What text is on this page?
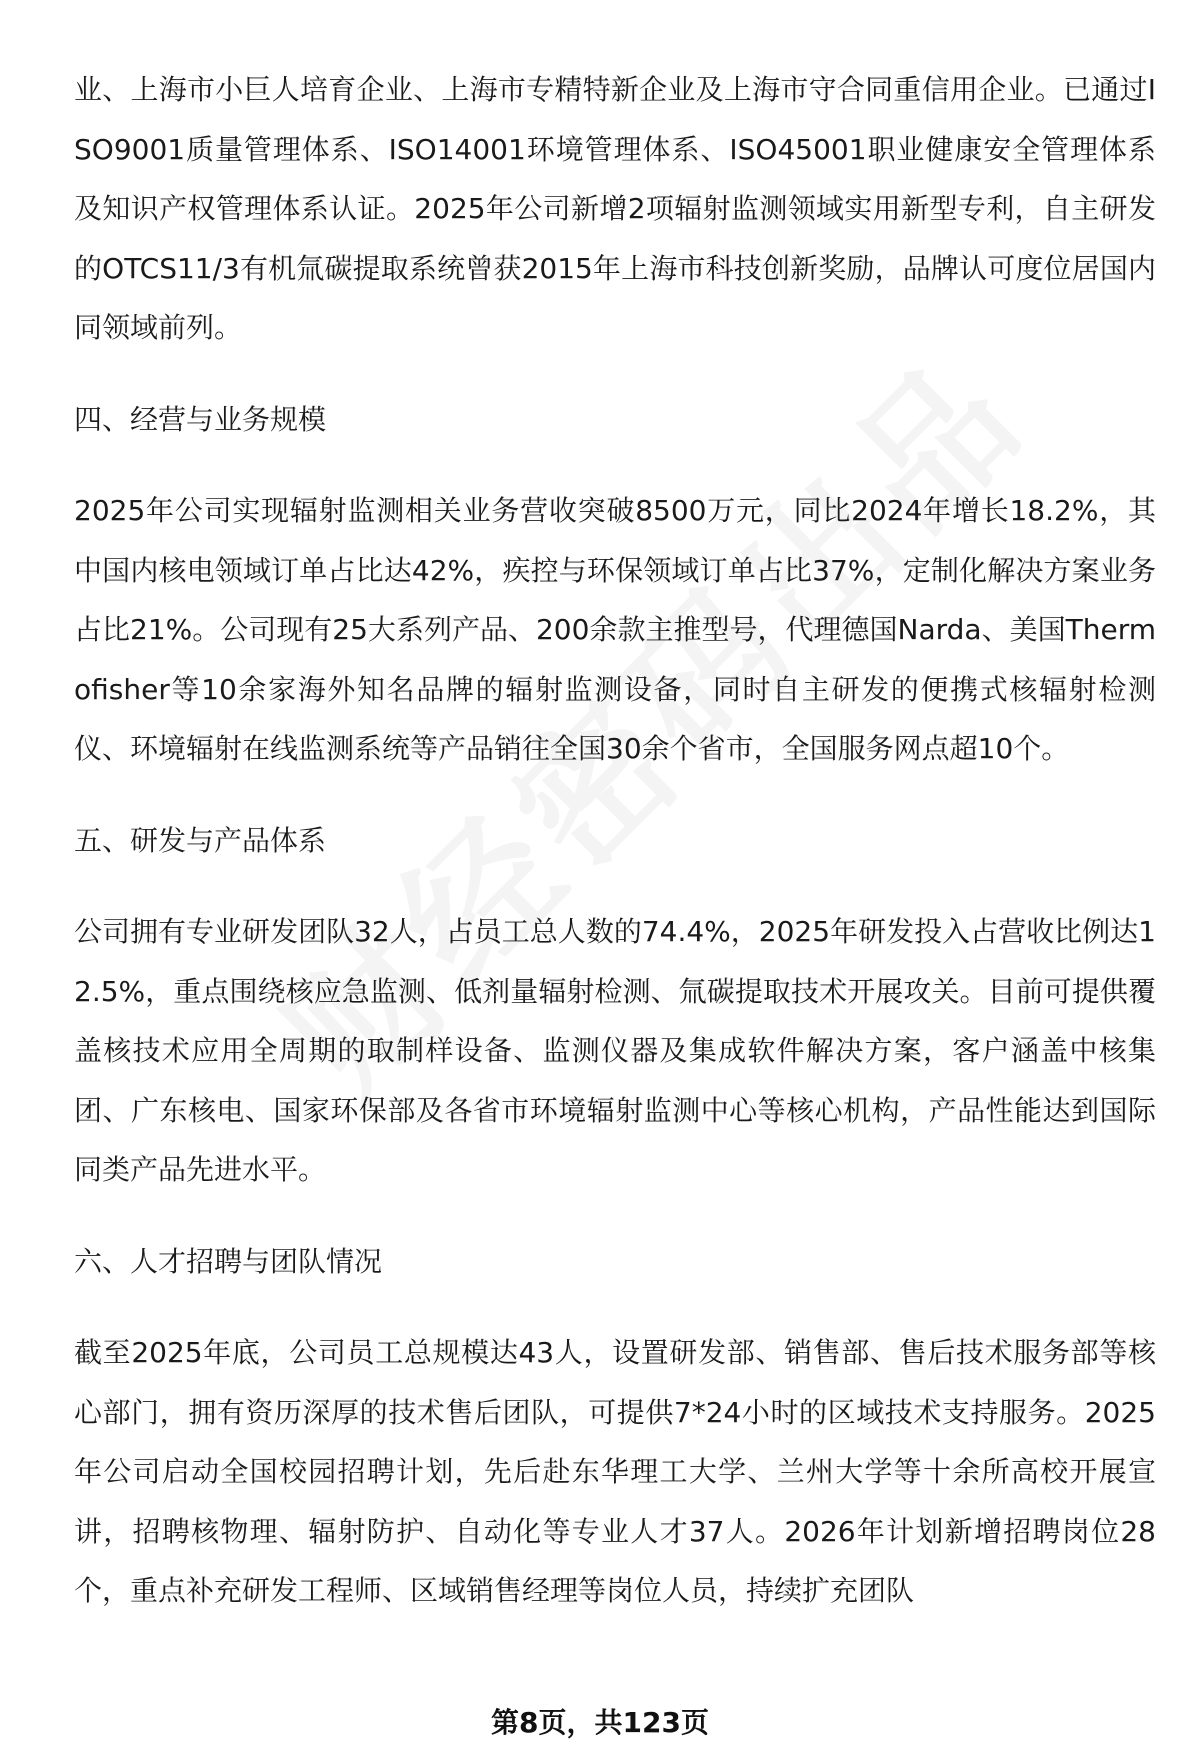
业、上海市小巨人培育企业、上海市专精特新企业及上海市守合同重信用企业。已通过ISO9001质量管理体系、ISO14001环境管理体系、ISO45001职业健康安全管理体系及知识产权管理体系认证。2025年公司新增2项辐射监测领域实用新型专利，自主研发的OTCS11/3有机氚碳提取系统曾获2015年上海市科技创新奖励，品牌认可度位居国内同领域前列。

四、经营与业务规模

2025年公司实现辐射监测相关业务营收突破8500万元，同比2024年增长18.2%，其中国内核电领域订单占比达42%，疾控与环保领域订单占比37%，定制化解决方案业务占比21%。公司现有25大系列产品、200余款主推型号，代理德国Narda、美国Thermofisher等10余家海外知名品牌的辐射监测设备，同时自主研发的便携式核辐射检测仪、环境辐射在线监测系统等产品销往全国30余个省市，全国服务网点超10个。

五、研发与产品体系

公司拥有专业研发团队32人，占员工总人数的74.4%，2025年研发投入占营收比例达12.5%，重点围绕核应急监测、低剂量辐射检测、氚碳提取技术开展攻关。目前可提供覆盖核技术应用全周期的取制样设备、监测仪器及集成软件解决方案，客户涵盖中核集团、广东核电、国家环保部及各省市环境辐射监测中心等核心机构，产品性能达到国际同类产品先进水平。

六、人才招聘与团队情况

截至2025年底，公司员工总规模达43人，设置研发部、销售部、售后技术服务部等核心部门，拥有资历深厚的技术售后团队，可提供7*24小时的区域技术支持服务。2025年公司启动全国校园招聘计划，先后赴东华理工大学、兰州大学等十余所高校开展宣讲，招聘核物理、辐射防护、自动化等专业人才37人。2026年计划新增招聘岗位28个，重点补充研发工程师、区域销售经理等岗位人员，持续扩充团队

第8页，共123页
